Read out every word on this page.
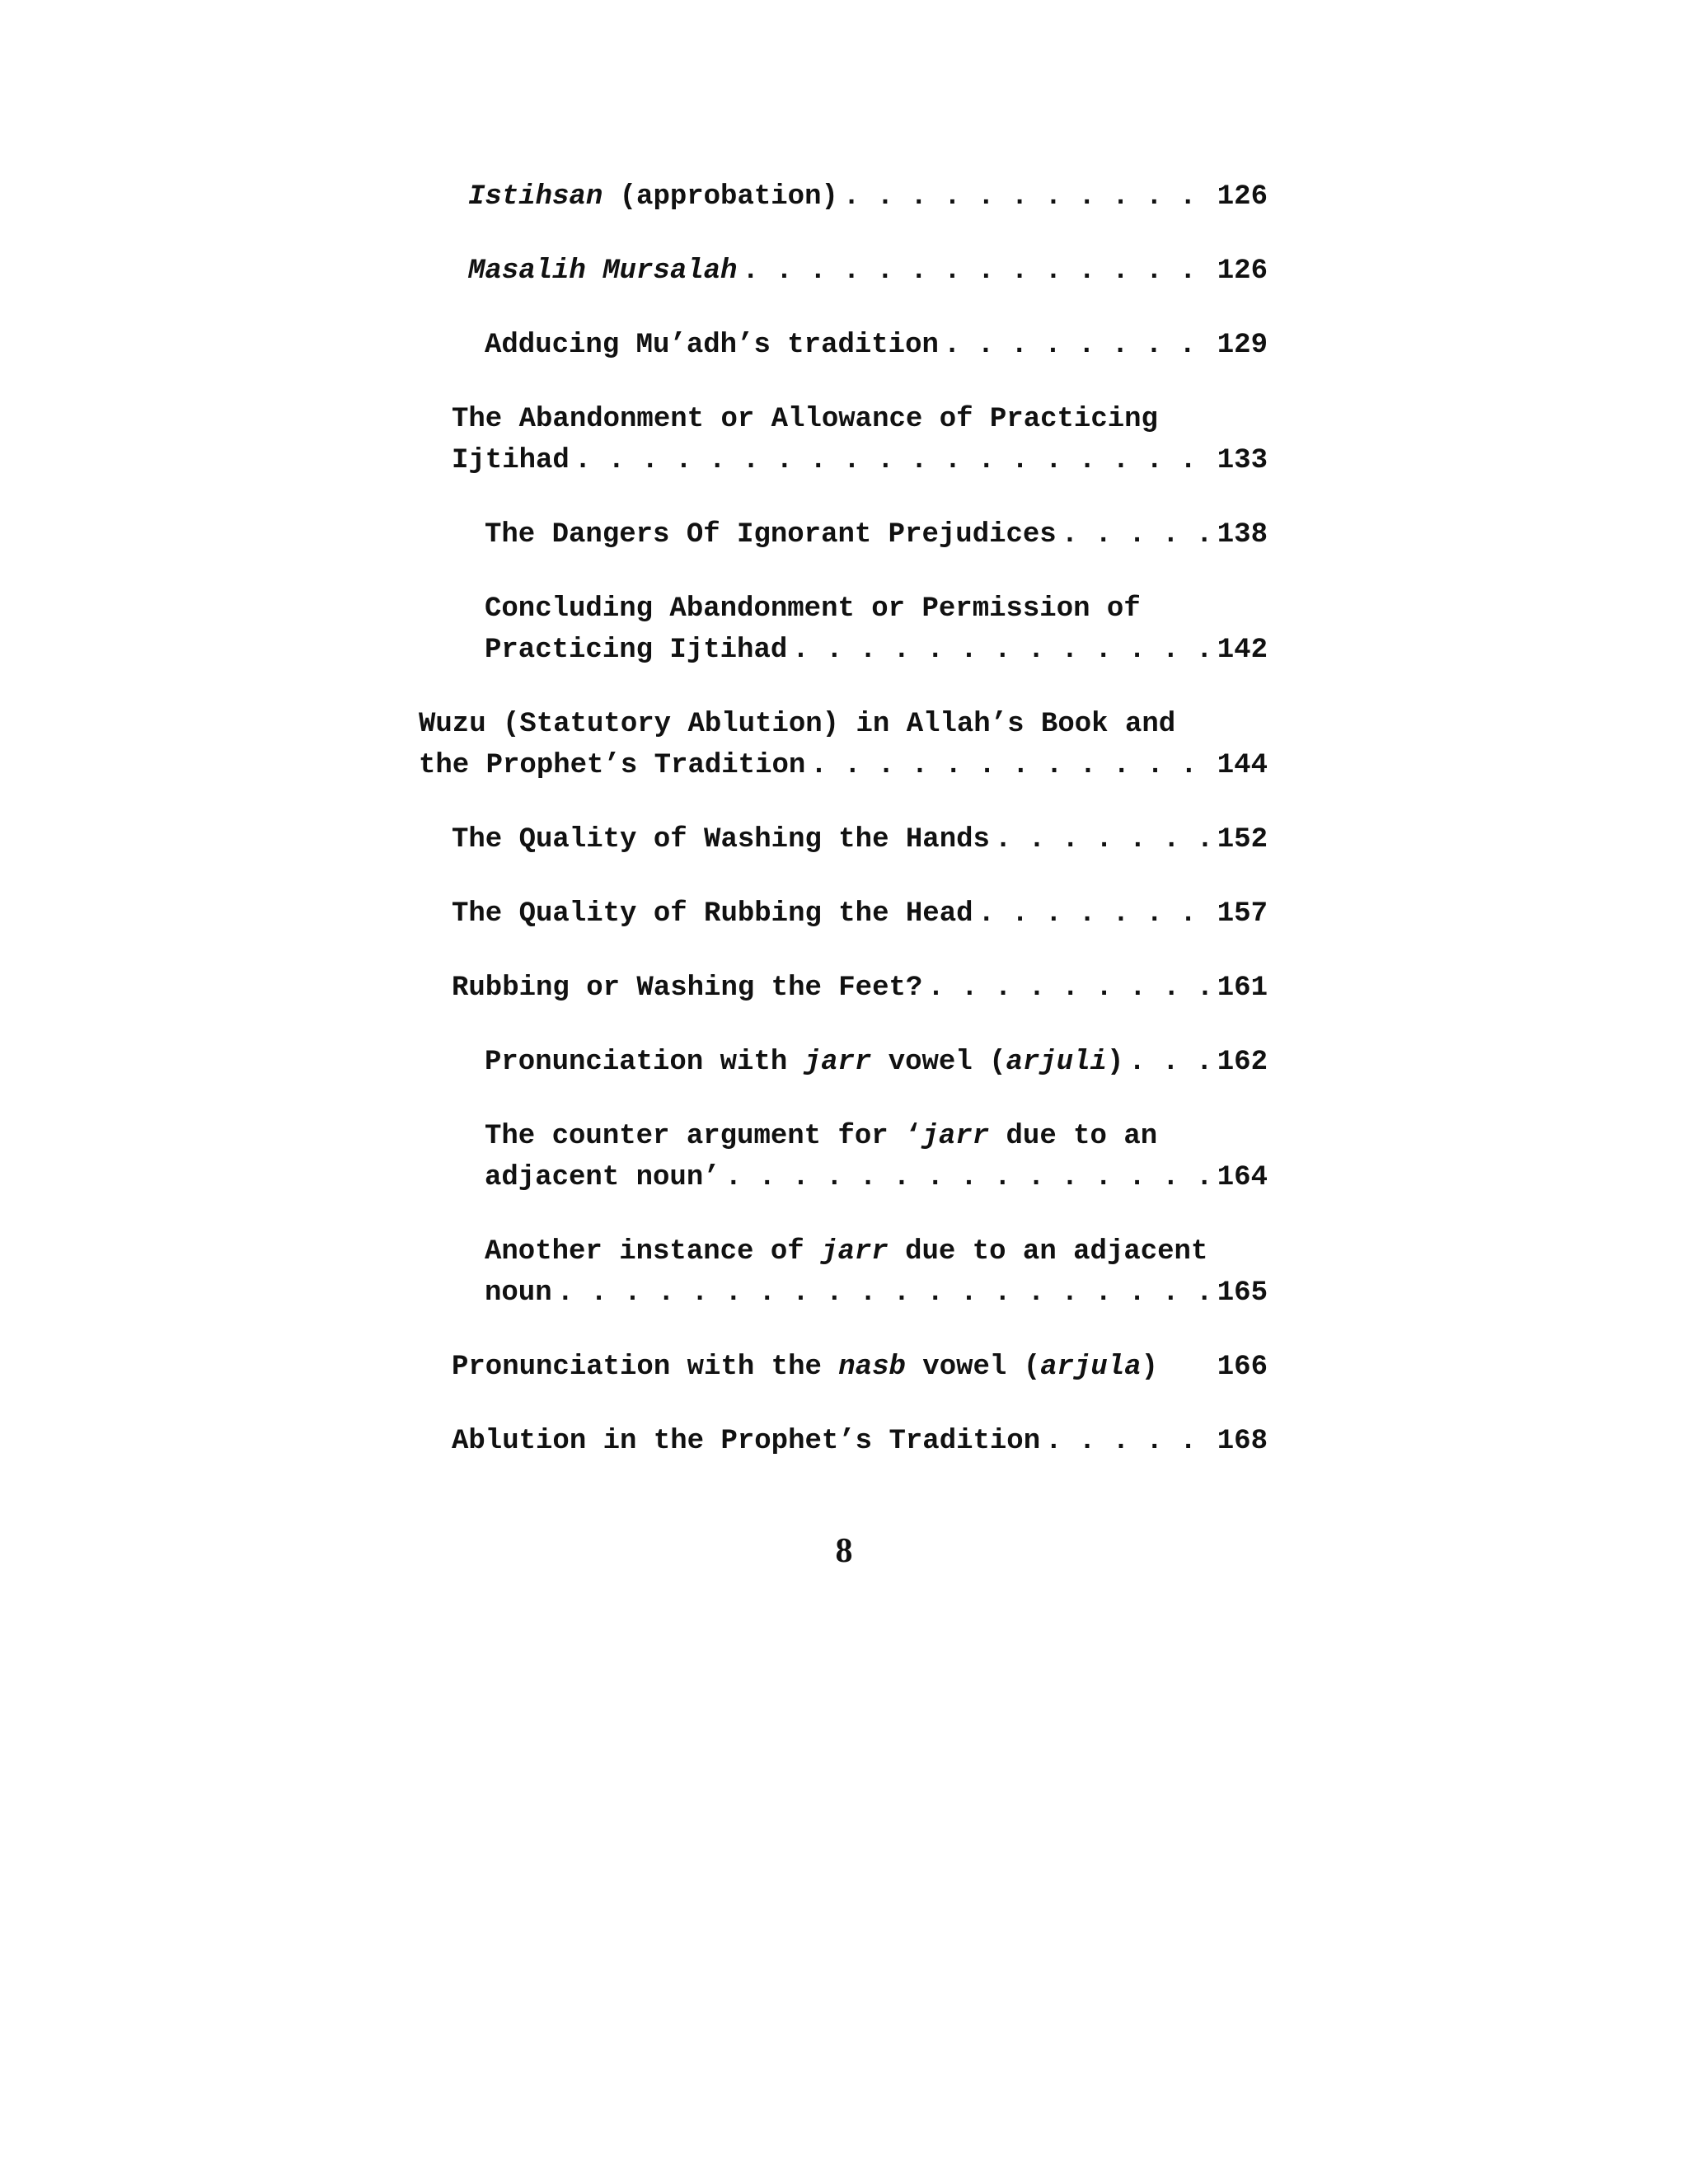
Istihsan (approbation) . . .	126
Masalih Mursalah . . .	126
Adducing Mu’adh’s tradition . . .	129
The Abandonment or Allowance of Practicing
Ijtihad . . .	133
The Dangers Of Ignorant Prejudices . . .	138
Concluding Abandonment or Permission of
Practicing Ijtihad . . .	142
Wuzu (Statutory Ablution) in Allah’s Book and
the Prophet’s Tradition . . .	144
The Quality of Washing the Hands . . .	152
The Quality of Rubbing the Head . . .	157
Rubbing or Washing the Feet? . . .	161
Pronunciation with jarr vowel (arjuli) . . .	162
The counter argument for ‘jarr due to an
adjacent noun’ . . .	164
Another instance of jarr due to an adjacent
noun . . .	165
Pronunciation with the nasb vowel (arjula) 166
Ablution in the Prophet’s Tradition . . .	168
8
